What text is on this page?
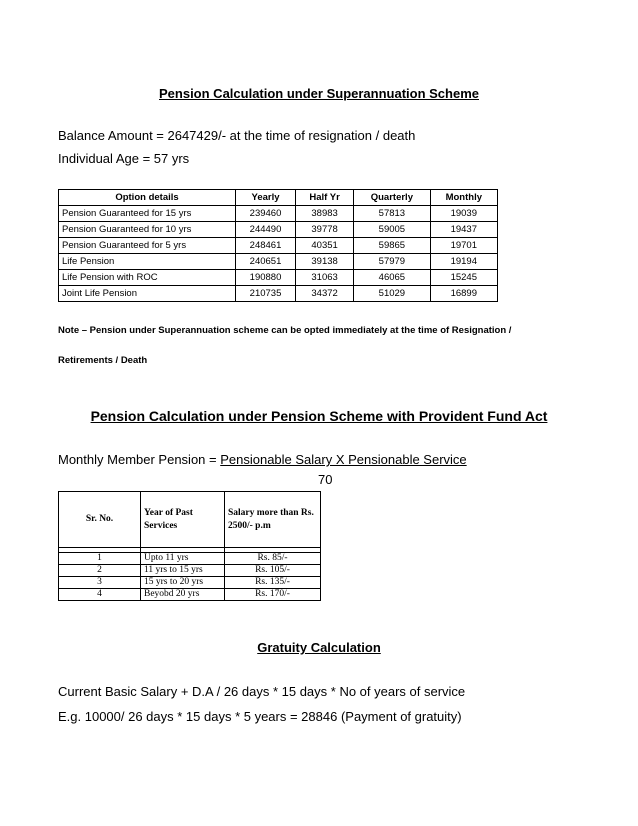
Pension Calculation under Superannuation Scheme
Balance Amount = 2647429/- at the time of resignation / death
Individual Age = 57 yrs
Option details	Yearly	Half Yr	Quarterly	Monthly
Pension Guaranteed for 15 yrs	239460	38983	57813	19039
Pension Guaranteed for 10 yrs	244490	39778	59005	19437
Pension Guaranteed for 5 yrs	248461	40351	59865	19701
Life Pension	240651	39138	57979	19194
Life Pension with ROC	190880	31063	46065	15245
Joint Life Pension	210735	34372	51029	16899
Note – Pension under Superannuation scheme can be opted immediately at the time of Resignation /
Retirements / Death
Pension Calculation under Pension Scheme with Provident Fund Act
Monthly Member Pension = Pensionable Salary X Pensionable Service
70
Sr. No.	Year of Past Services	Salary more than Rs. 2500/- p.m

1	Upto 11 yrs	Rs. 85/-
2	11 yrs to 15 yrs	Rs. 105/-
3	15 yrs to 20 yrs	Rs. 135/-
4	Beyobd 20 yrs	Rs. 170/-
Gratuity Calculation
Current Basic Salary + D.A / 26 days * 15 days * No of years of service
E.g. 10000/ 26 days * 15 days * 5 years = 28846 (Payment of gratuity)
